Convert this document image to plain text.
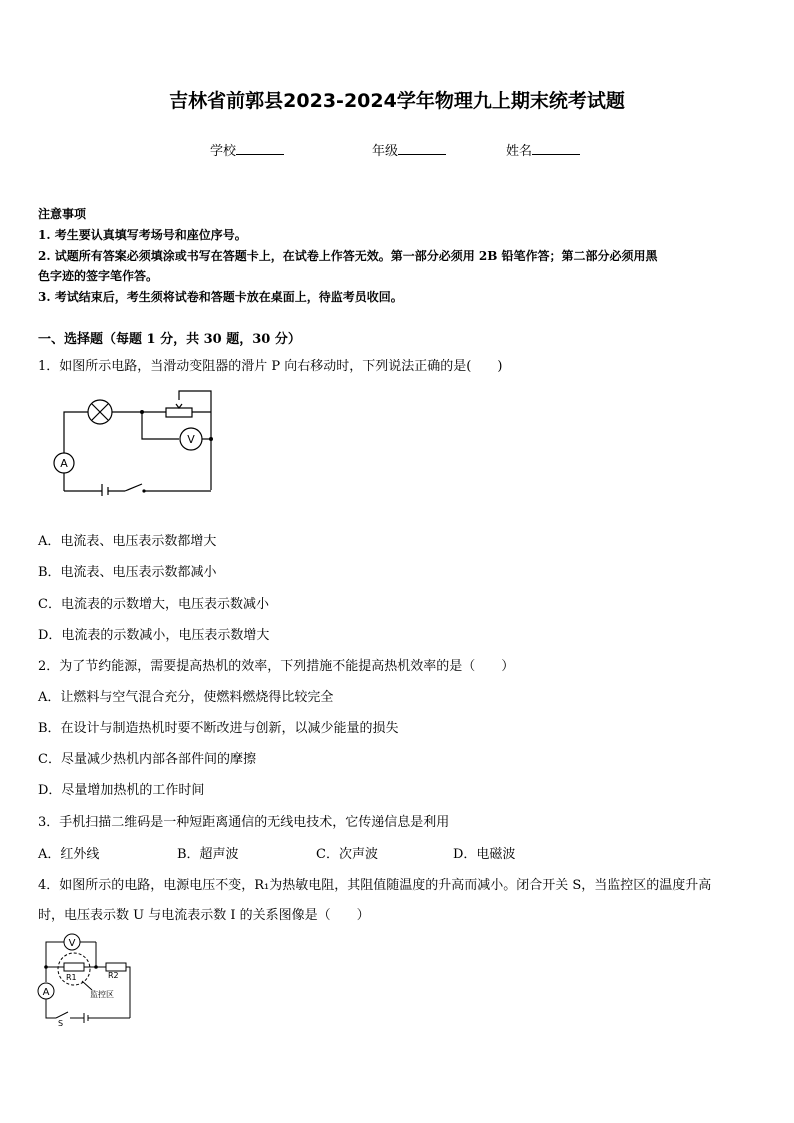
吉林省前郭县2023-2024学年物理九上期末统考试题
学校	年级	姓名
注意事项
1. 考生要认真填写考场号和座位序号。
2. 试题所有答案必须填涂或书写在答题卡上，在试卷上作答无效。第一部分必须用 2B 铅笔作答；第二部分必须用黑
色字迹的签字笔作答。
3. 考试结束后，考生须将试卷和答题卡放在桌面上，待监考员收回。
一、选择题（每题 1 分，共 30 题，30 分）
1．如图所示电路，当滑动变阻器的滑片 P 向右移动时，下列说法正确的是(　　)
A
V
A．电流表、电压表示数都增大
B．电流表、电压表示数都减小
C．电流表的示数增大，电压表示数减小
D．电流表的示数减小，电压表示数增大
2．为了节约能源，需要提高热机的效率，下列措施不能提高热机效率的是（　　）
A．让燃料与空气混合充分，使燃料燃烧得比较完全
B．在设计与制造热机时要不断改进与创新，以减少能量的损失
C．尽量减少热机内部各部件间的摩擦
D．尽量增加热机的工作时间
3．手机扫描二维码是一种短距离通信的无线电技术，它传递信息是利用
A．红外线	B．超声波	C．次声波	D．电磁波
4．如图所示的电路，电源电压不变，R₁为热敏电阻，其阻值随温度的升高而减小。闭合开关 S，当监控区的温度升高
时，电压表示数 U 与电流表示数 I 的关系图像是（　　）
V
A
R1	R2
监控区
S
